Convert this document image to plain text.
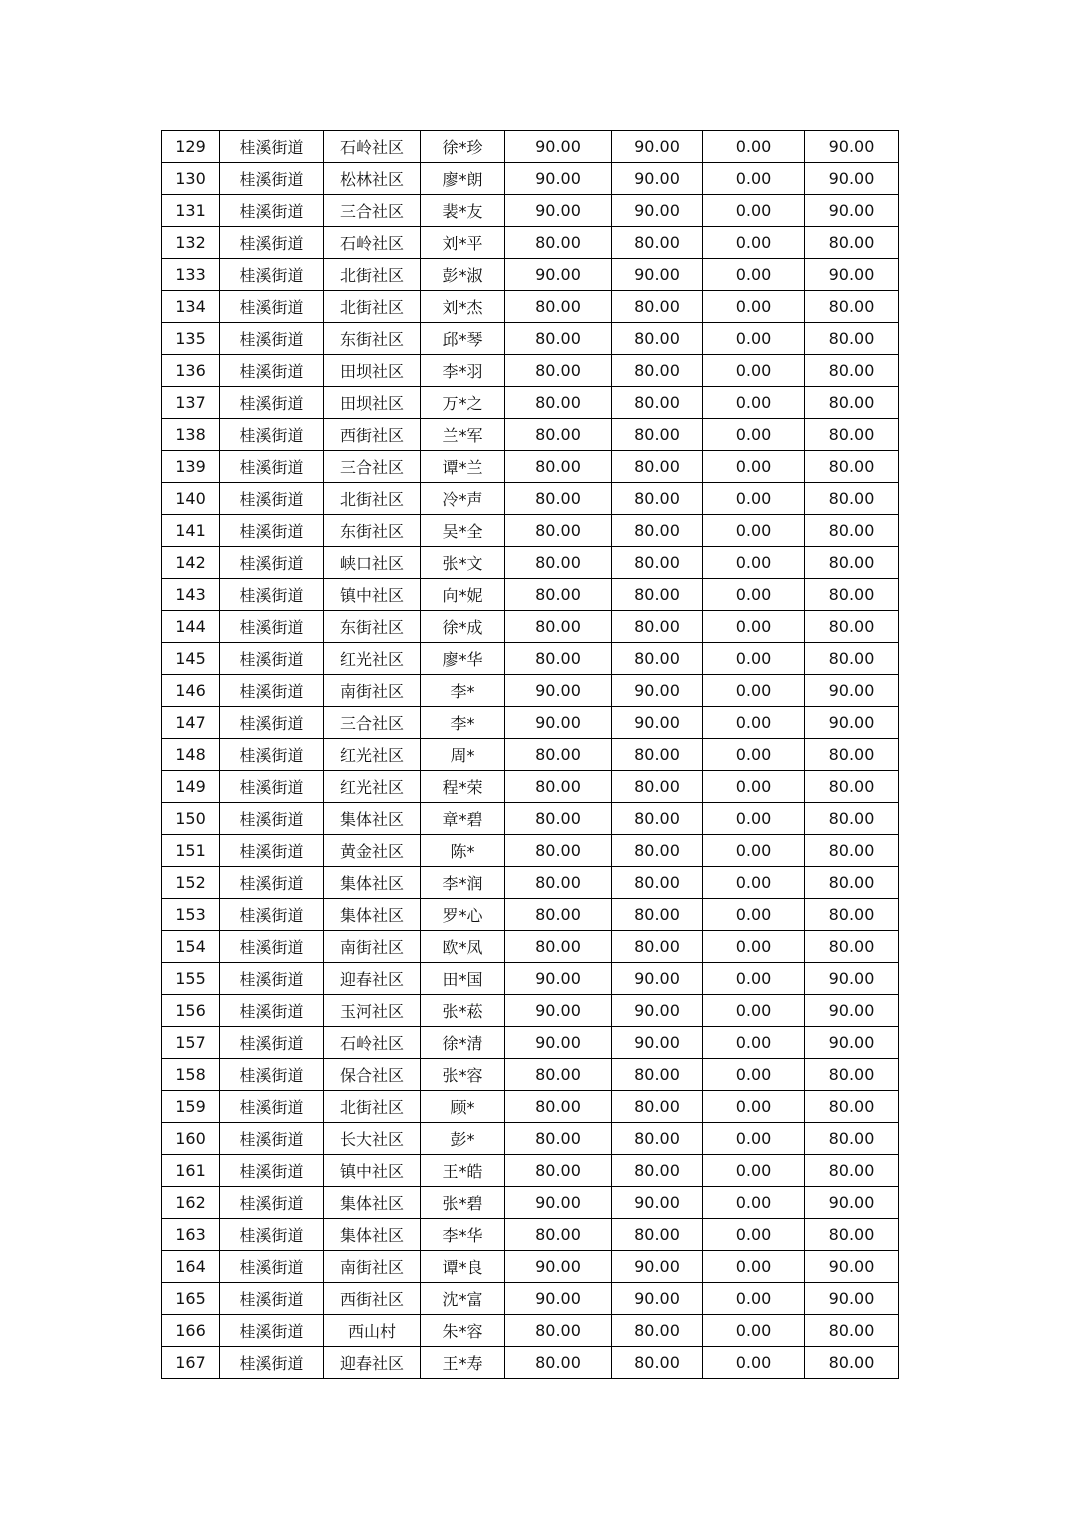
129	桂溪街道	石岭社区	徐*珍	90.00	90.00	0.00	90.00
130	桂溪街道	松林社区	廖*朗	90.00	90.00	0.00	90.00
131	桂溪街道	三合社区	裴*友	90.00	90.00	0.00	90.00
132	桂溪街道	石岭社区	刘*平	80.00	80.00	0.00	80.00
133	桂溪街道	北街社区	彭*淑	90.00	90.00	0.00	90.00
134	桂溪街道	北街社区	刘*杰	80.00	80.00	0.00	80.00
135	桂溪街道	东街社区	邱*琴	80.00	80.00	0.00	80.00
136	桂溪街道	田坝社区	李*羽	80.00	80.00	0.00	80.00
137	桂溪街道	田坝社区	万*之	80.00	80.00	0.00	80.00
138	桂溪街道	西街社区	兰*军	80.00	80.00	0.00	80.00
139	桂溪街道	三合社区	谭*兰	80.00	80.00	0.00	80.00
140	桂溪街道	北街社区	冷*声	80.00	80.00	0.00	80.00
141	桂溪街道	东街社区	吴*全	80.00	80.00	0.00	80.00
142	桂溪街道	峡口社区	张*文	80.00	80.00	0.00	80.00
143	桂溪街道	镇中社区	向*妮	80.00	80.00	0.00	80.00
144	桂溪街道	东街社区	徐*成	80.00	80.00	0.00	80.00
145	桂溪街道	红光社区	廖*华	80.00	80.00	0.00	80.00
146	桂溪街道	南街社区	李*	90.00	90.00	0.00	90.00
147	桂溪街道	三合社区	李*	90.00	90.00	0.00	90.00
148	桂溪街道	红光社区	周*	80.00	80.00	0.00	80.00
149	桂溪街道	红光社区	程*荣	80.00	80.00	0.00	80.00
150	桂溪街道	集体社区	章*碧	80.00	80.00	0.00	80.00
151	桂溪街道	黄金社区	陈*	80.00	80.00	0.00	80.00
152	桂溪街道	集体社区	李*润	80.00	80.00	0.00	80.00
153	桂溪街道	集体社区	罗*心	80.00	80.00	0.00	80.00
154	桂溪街道	南街社区	欧*凤	80.00	80.00	0.00	80.00
155	桂溪街道	迎春社区	田*国	90.00	90.00	0.00	90.00
156	桂溪街道	玉河社区	张*菘	90.00	90.00	0.00	90.00
157	桂溪街道	石岭社区	徐*清	90.00	90.00	0.00	90.00
158	桂溪街道	保合社区	张*容	80.00	80.00	0.00	80.00
159	桂溪街道	北街社区	顾*	80.00	80.00	0.00	80.00
160	桂溪街道	长大社区	彭*	80.00	80.00	0.00	80.00
161	桂溪街道	镇中社区	王*皓	80.00	80.00	0.00	80.00
162	桂溪街道	集体社区	张*碧	90.00	90.00	0.00	90.00
163	桂溪街道	集体社区	李*华	80.00	80.00	0.00	80.00
164	桂溪街道	南街社区	谭*良	90.00	90.00	0.00	90.00
165	桂溪街道	西街社区	沈*富	90.00	90.00	0.00	90.00
166	桂溪街道	西山村	朱*容	80.00	80.00	0.00	80.00
167	桂溪街道	迎春社区	王*寿	80.00	80.00	0.00	80.00
